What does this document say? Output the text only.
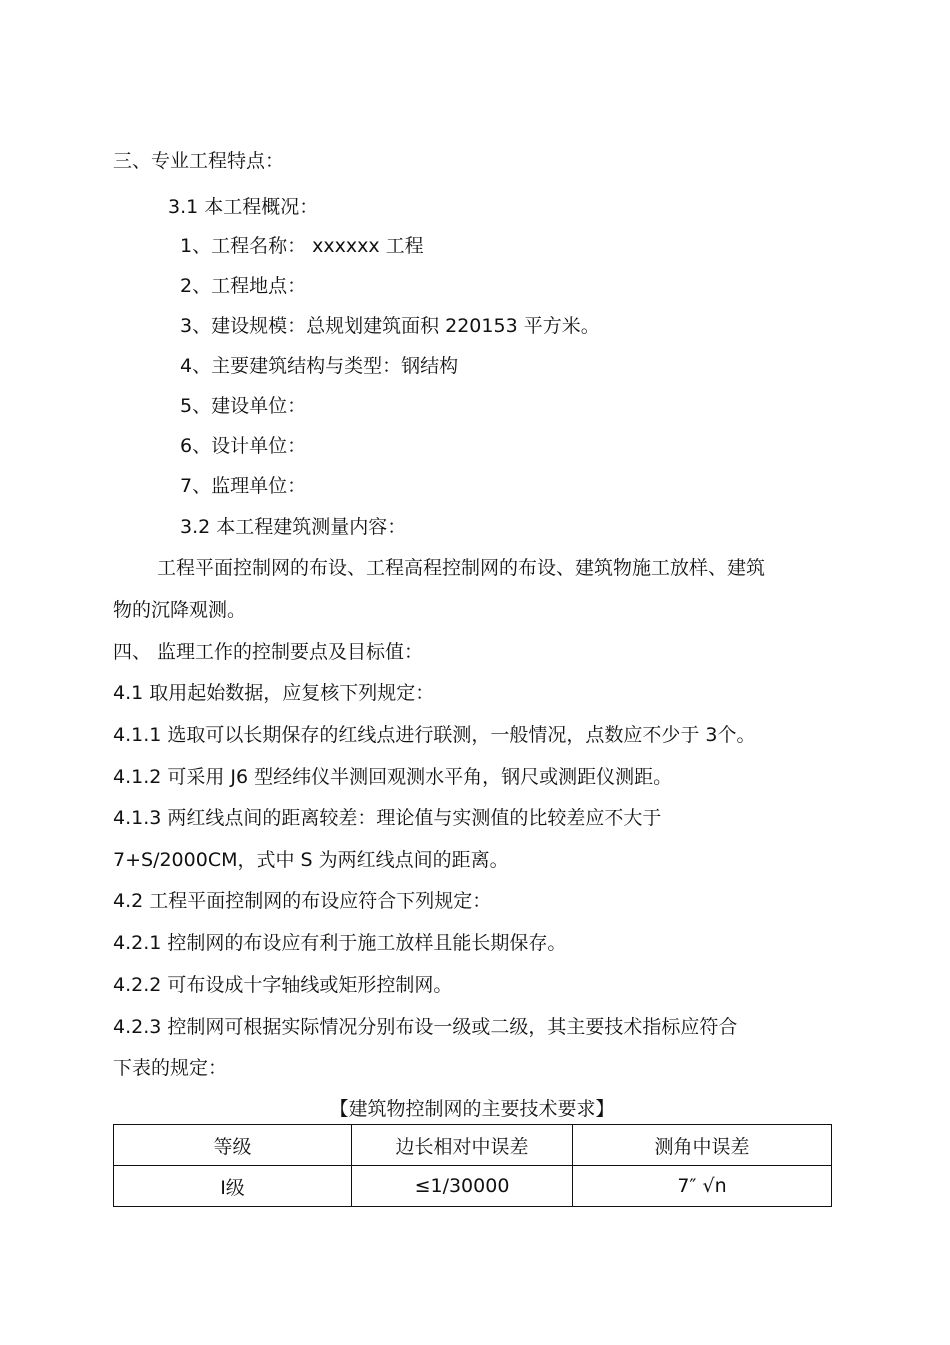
三、专业工程特点：
3.1 本工程概况：
1、工程名称： xxxxxx 工程
2、工程地点：
3、建设规模：总规划建筑面积 220153 平方米。
4、主要建筑结构与类型：钢结构
5、建设单位：
6、设计单位：
7、监理单位：
3.2 本工程建筑测量内容：
工程平面控制网的布设、工程高程控制网的布设、建筑物施工放样、建筑
物的沉降观测。
四、 监理工作的控制要点及目标值：
4.1 取用起始数据，应复核下列规定：
4.1.1 选取可以长期保存的红线点进行联测，一般情况，点数应不少于 3个。
4.1.2 可采用 J6 型经纬仪半测回观测水平角，钢尺或测距仪测距。
4.1.3 两红线点间的距离较差：理论值与实测值的比较差应不大于
7+S/2000CM，式中 S 为两红线点间的距离。
4.2 工程平面控制网的布设应符合下列规定：
4.2.1 控制网的布设应有利于施工放样且能长期保存。
4.2.2 可布设成十字轴线或矩形控制网。
4.2.3 控制网可根据实际情况分别布设一级或二级，其主要技术指标应符合
下表的规定：
【建筑物控制网的主要技术要求】
等级	边长相对中误差	测角中误差
Ⅰ级	≤1/30000	7″ √n
